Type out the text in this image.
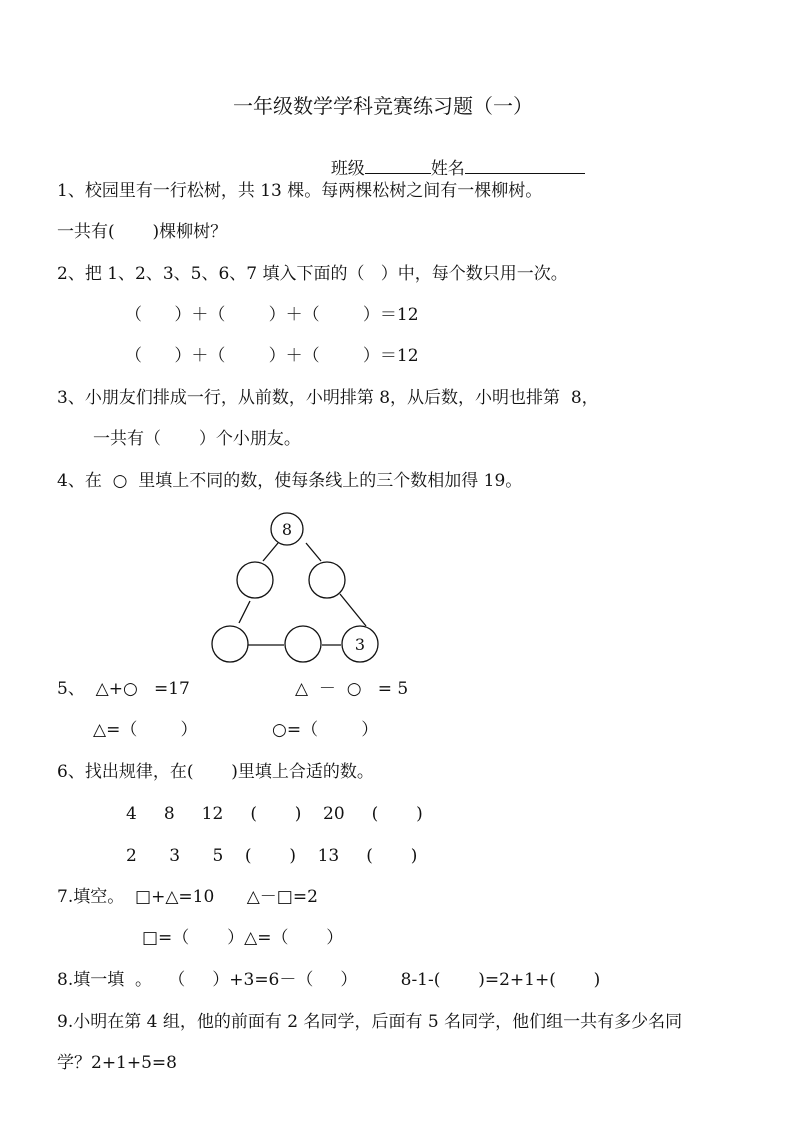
一年级数学学科竞赛练习题（一）

班级	姓名

1、校园里有一行松树，共 13 棵。每两棵松树之间有一棵柳树。
一共有(       )棵柳树？
2、把 1、2、3、5、6、7 填入下面的（   ）中，每个数只用一次。
（      ）＋（        ）＋（        ）＝12
（      ）＋（        ）＋（        ）＝12
3、小朋友们排成一行，从前数，小明排第 8，从后数，小明也排第  8，
一共有（       ）个小朋友。
4、在  ○  里填上不同的数，使每条线上的三个数相加得 19。
8
3
5、  △+○   =17	△  －  ○   = 5
△=（        ）	○=（        ）
6、找出规律，在(       )里填上合适的数。
4     8     12     (       )    20     (       )
2      3      5    (       )    13     (       )
7.填空。  □+△=10      △－□=2
□=（       ）△=（       ）
8.填一填  。   （     ）+3=6－（     ）        8-1-(       )=2+1+(       )
9.小明在第 4 组，他的前面有 2 名同学，后面有 5 名同学，他们组一共有多少名同
学？2+1+5=8
